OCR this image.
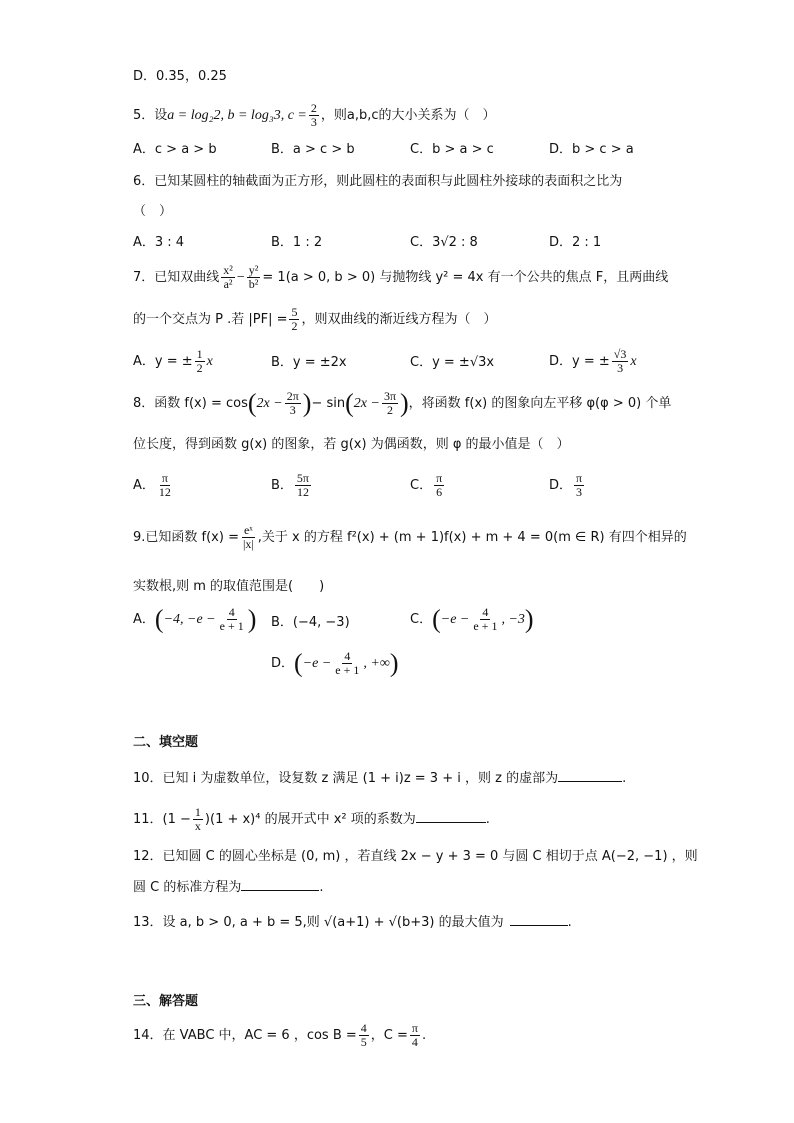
D．0.35，0.25
5．设a = log₂2, b = log₃3, $c = \frac{2}{3}$ ，则a,b,c的大小关系为（　）
A．c > a > b	B．a > c > b	C．b > a > c	D．b > c > a
6．已知某圆柱的轴截面为正方形，则此圆柱的表面积与此圆柱外接球的表面积之比为
（　）
A．3 : 4	B．1 : 2	C．3√2 : 8	D．2 : 1
7．已知双曲线 $\frac{\text{x²}}{\text{a²}} - \frac{\text{y²}}{\text{b²}} = 1(a > 0$, b > 0) 与抛物线 y² = 4x 有一个公共的焦点 F，且两曲线
的一个交点为 P .若 $|PF| = \frac{5}{2}$ ，则双曲线的渐近线方程为（　）
A．y = ± $\frac{1}{2}$ x	B．y = ±2x	C．y = ±√3x	D．y = ± $\frac{√3}{3}$ x
8．函数 $f(x) = \cos(2x - \frac{2\pi}{3}$ )− $\sin(2x - \frac{3\pi}{2}$ )，将函数 f(x) 的图象向左平移 φ(φ > 0) 个单
位长度，得到函数 g(x) 的图象，若 g(x) 为偶函数，则 φ 的最小值是（　）
A． $\frac{\pi}{12}$	B． $\frac{5\pi}{12}$	C． $\frac{\pi}{6}$	D． $\frac{\pi}{3}$
9.已知函数 $f(x) = \frac{\text{eˣ}}{|x|}$ ,关于 x 的方程 f²(x) + (m + 1)f(x) + m + 4 = 0(m ∈ R) 有四个相异的
实数根,则 m 的取值范围是(　　)
A．(−4, $-e - \frac{4}{e + 1}$ ) B．(−4, −3)	C．($-e - \frac{4}{e + 1}$ , −3)
D．($-e - \frac{4}{e + 1}$ , +∞)
二、填空题
10．已知 i 为虚数单位，设复数 z 满足 (1 + i)z = 3 + i ，则 z 的虚部为	.
11．$(1 - \frac{1}{x} )(1 + x)^4$ 的展开式中 x² 项的系数为	.
12．已知圆 C 的圆心坐标是 (0, m) ，若直线 2x − y + 3 = 0 与圆 C 相切于点 A(−2, −1) ，则
圆 C 的标准方程为	.
13．设 a, b > 0, a + b = 5,则 √(a+1) + √(b+3) 的最大值为	.
三、解答题
14．在 VABC 中，AC = 6 ，$\cos B = \frac{4}{5}$ ，$C = \frac{\pi}{4}$ .
